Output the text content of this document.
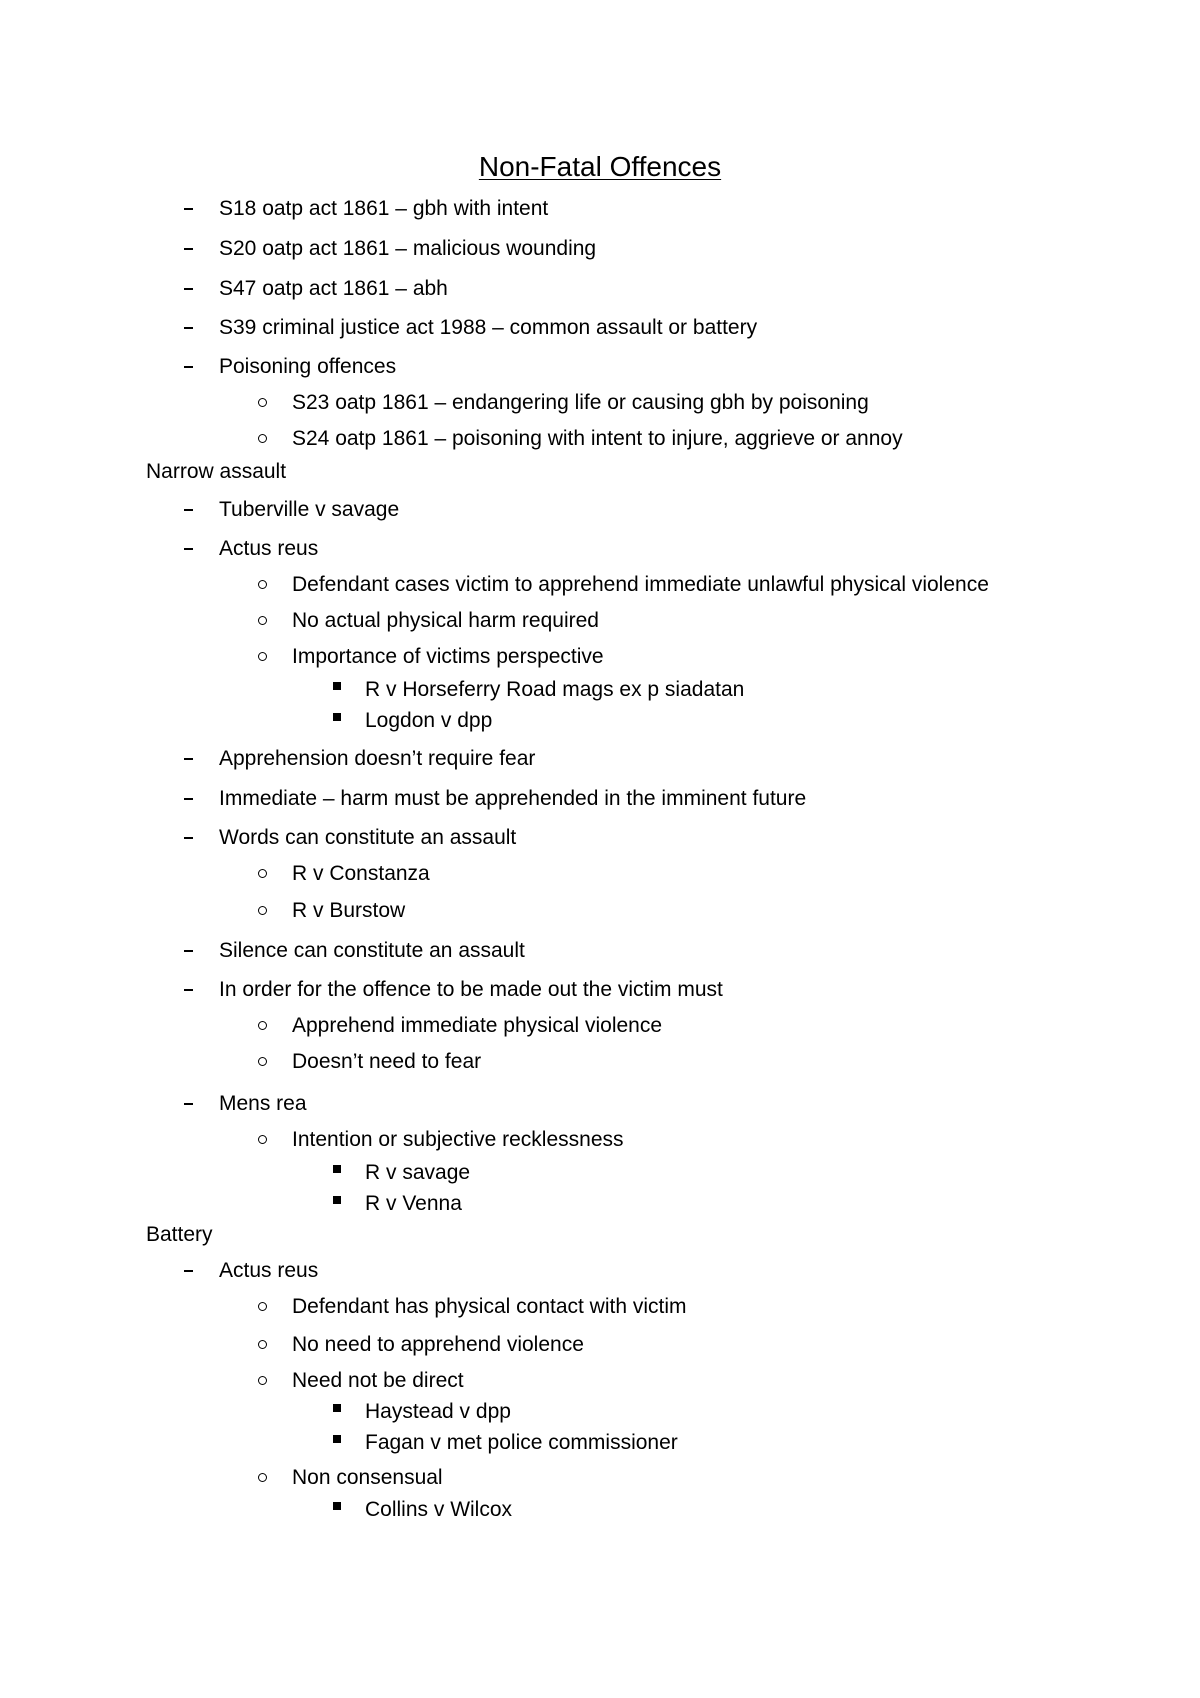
Non-Fatal Offences
S18 oatp act 1861 – gbh with intent
S20 oatp act 1861 – malicious wounding
S47 oatp act 1861 – abh
S39 criminal justice act 1988 – common assault or battery
Poisoning offences
S23 oatp 1861 – endangering life or causing gbh by poisoning
S24 oatp 1861 – poisoning with intent to injure, aggrieve or annoy
Narrow assault
Tuberville v savage
Actus reus
Defendant cases victim to apprehend immediate unlawful physical violence
No actual physical harm required
Importance of victims perspective
R v Horseferry Road mags ex p siadatan
Logdon v dpp
Apprehension doesn’t require fear
Immediate – harm must be apprehended in the imminent future
Words can constitute an assault
R v Constanza
R v Burstow
Silence can constitute an assault
In order for the offence to be made out the victim must
Apprehend immediate physical violence
Doesn’t need to fear
Mens rea
Intention or subjective recklessness
R v savage
R v Venna
Battery
Actus reus
Defendant has physical contact with victim
No need to apprehend violence
Need not be direct
Haystead v dpp
Fagan v met police commissioner
Non consensual
Collins v Wilcox
